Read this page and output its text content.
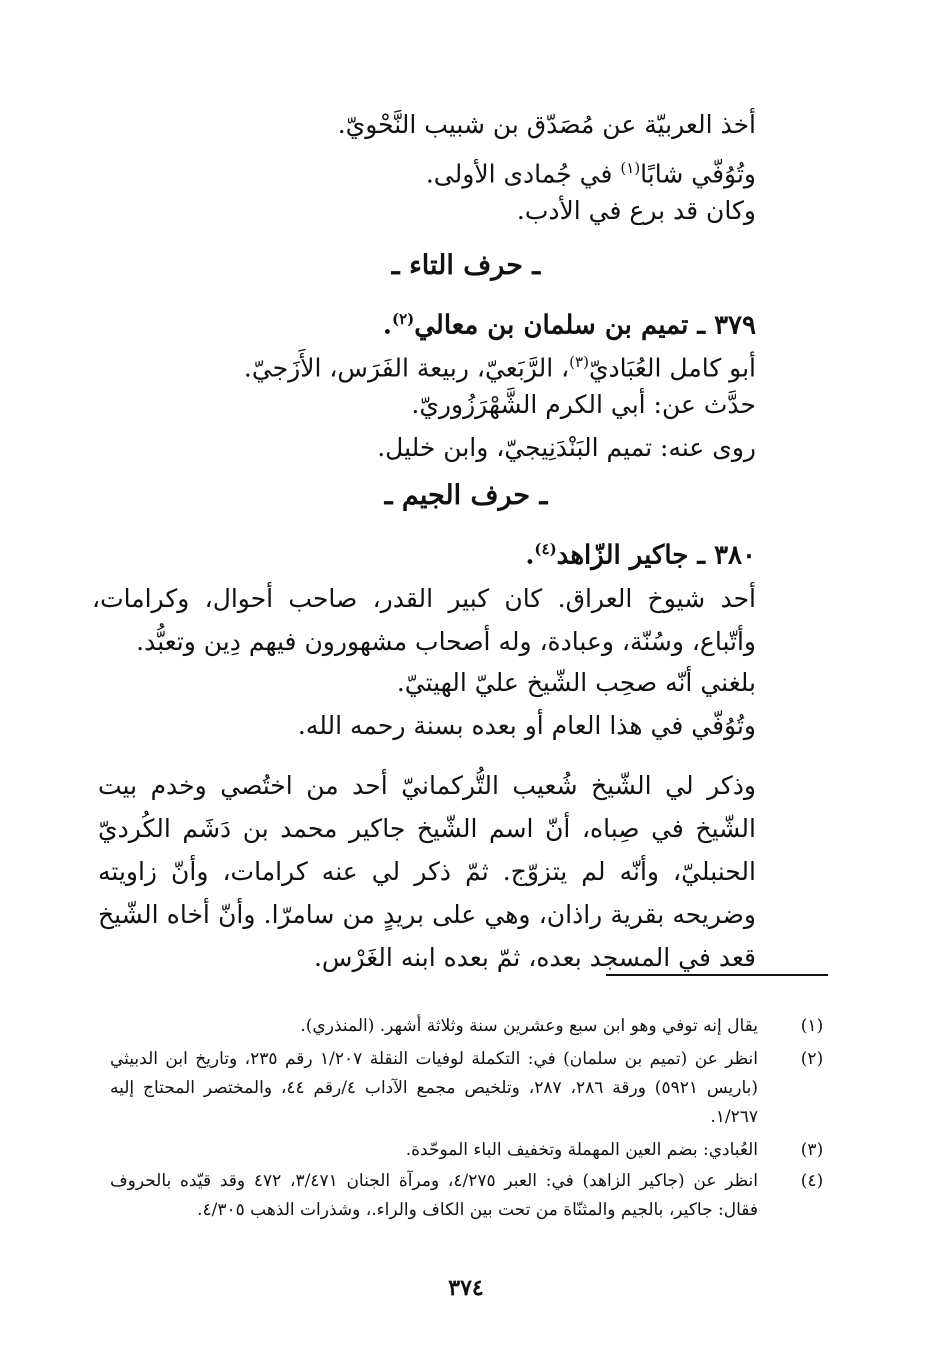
أخذ العربيّة عن مُصَدّق بن شبيب النَّحْويّ.
وتُوُفّي شابًا$^{(١)}$ في جُمادى الأولى.
وكان قد برع في الأدب.
ـ حرف التاء ـ
٣٧٩ ـ تميم بن سلمان بن معالي$^{(٢)}$.
أبو كامل العُبَاديّ$^{(٣)}$، الرَّبَعيّ، ربيعة الفَرَس، الأَزَجيّ.
حدَّث عن: أبي الكرم الشَّهْرَزُوريّ.
روى عنه: تميم البَنْدَنِيجيّ، وابن خليل.
ـ حرف الجيم ـ
٣٨٠ ـ جاكير الزّاهد$^{(٤)}$.
أحد شيوخ العراق. كان كبير القدر، صاحب أحوال، وكرامات، وأتّباع، وسُنّة، وعبادة، وله أصحاب مشهورون فيهم دِين وتعبُّد.
بلغني أنّه صحِب الشّيخ عليّ الهيتيّ.
وتُوُفّي في هذا العام أو بعده بسنة رحمه الله.
وذكر لي الشّيخ شُعيب التُّركمانيّ أحد من اختُصي وخدم بيت الشّيخ في صِباه، أنّ اسم الشّيخ جاكير محمد بن دَشَم الكُرديّ الحنبليّ، وأنّه لم يتزوّج. ثمّ ذكر لي عنه كرامات، وأنّ زاويته وضريحه بقرية راذان، وهي على بريدٍ من سامرّا. وأنّ أخاه الشّيخ قعد في المسجد بعده، ثمّ بعده ابنه الغَرْس.
(١)
يقال إنه توفي وهو ابن سبع وعشرين سنة وثلاثة أشهر. (المنذري).
(٢)
انظر عن (تميم بن سلمان) في: التكملة لوفيات النقلة ١/٢٠٧ رقم ٢٣٥، وتاريخ ابن الدبيثي (باريس ٥٩٢١) ورقة ٢٨٦، ٢٨٧، وتلخيص مجمع الآداب ٤/رقم ٤٤، والمختصر المحتاج إليه ١/٢٦٧.
(٣)
العُبادي: بضم العين المهملة وتخفيف الباء الموحّدة.
(٤)
انظر عن (جاكير الزاهد) في: العبر ٤/٢٧٥، ومرآة الجنان ٣/٤٧١، ٤٧٢ وقد قيّده بالحروف فقال: جاكير، بالجيم والمثنّاة من تحت بين الكاف والراء.، وشذرات الذهب ٤/٣٠٥.
٣٧٤
